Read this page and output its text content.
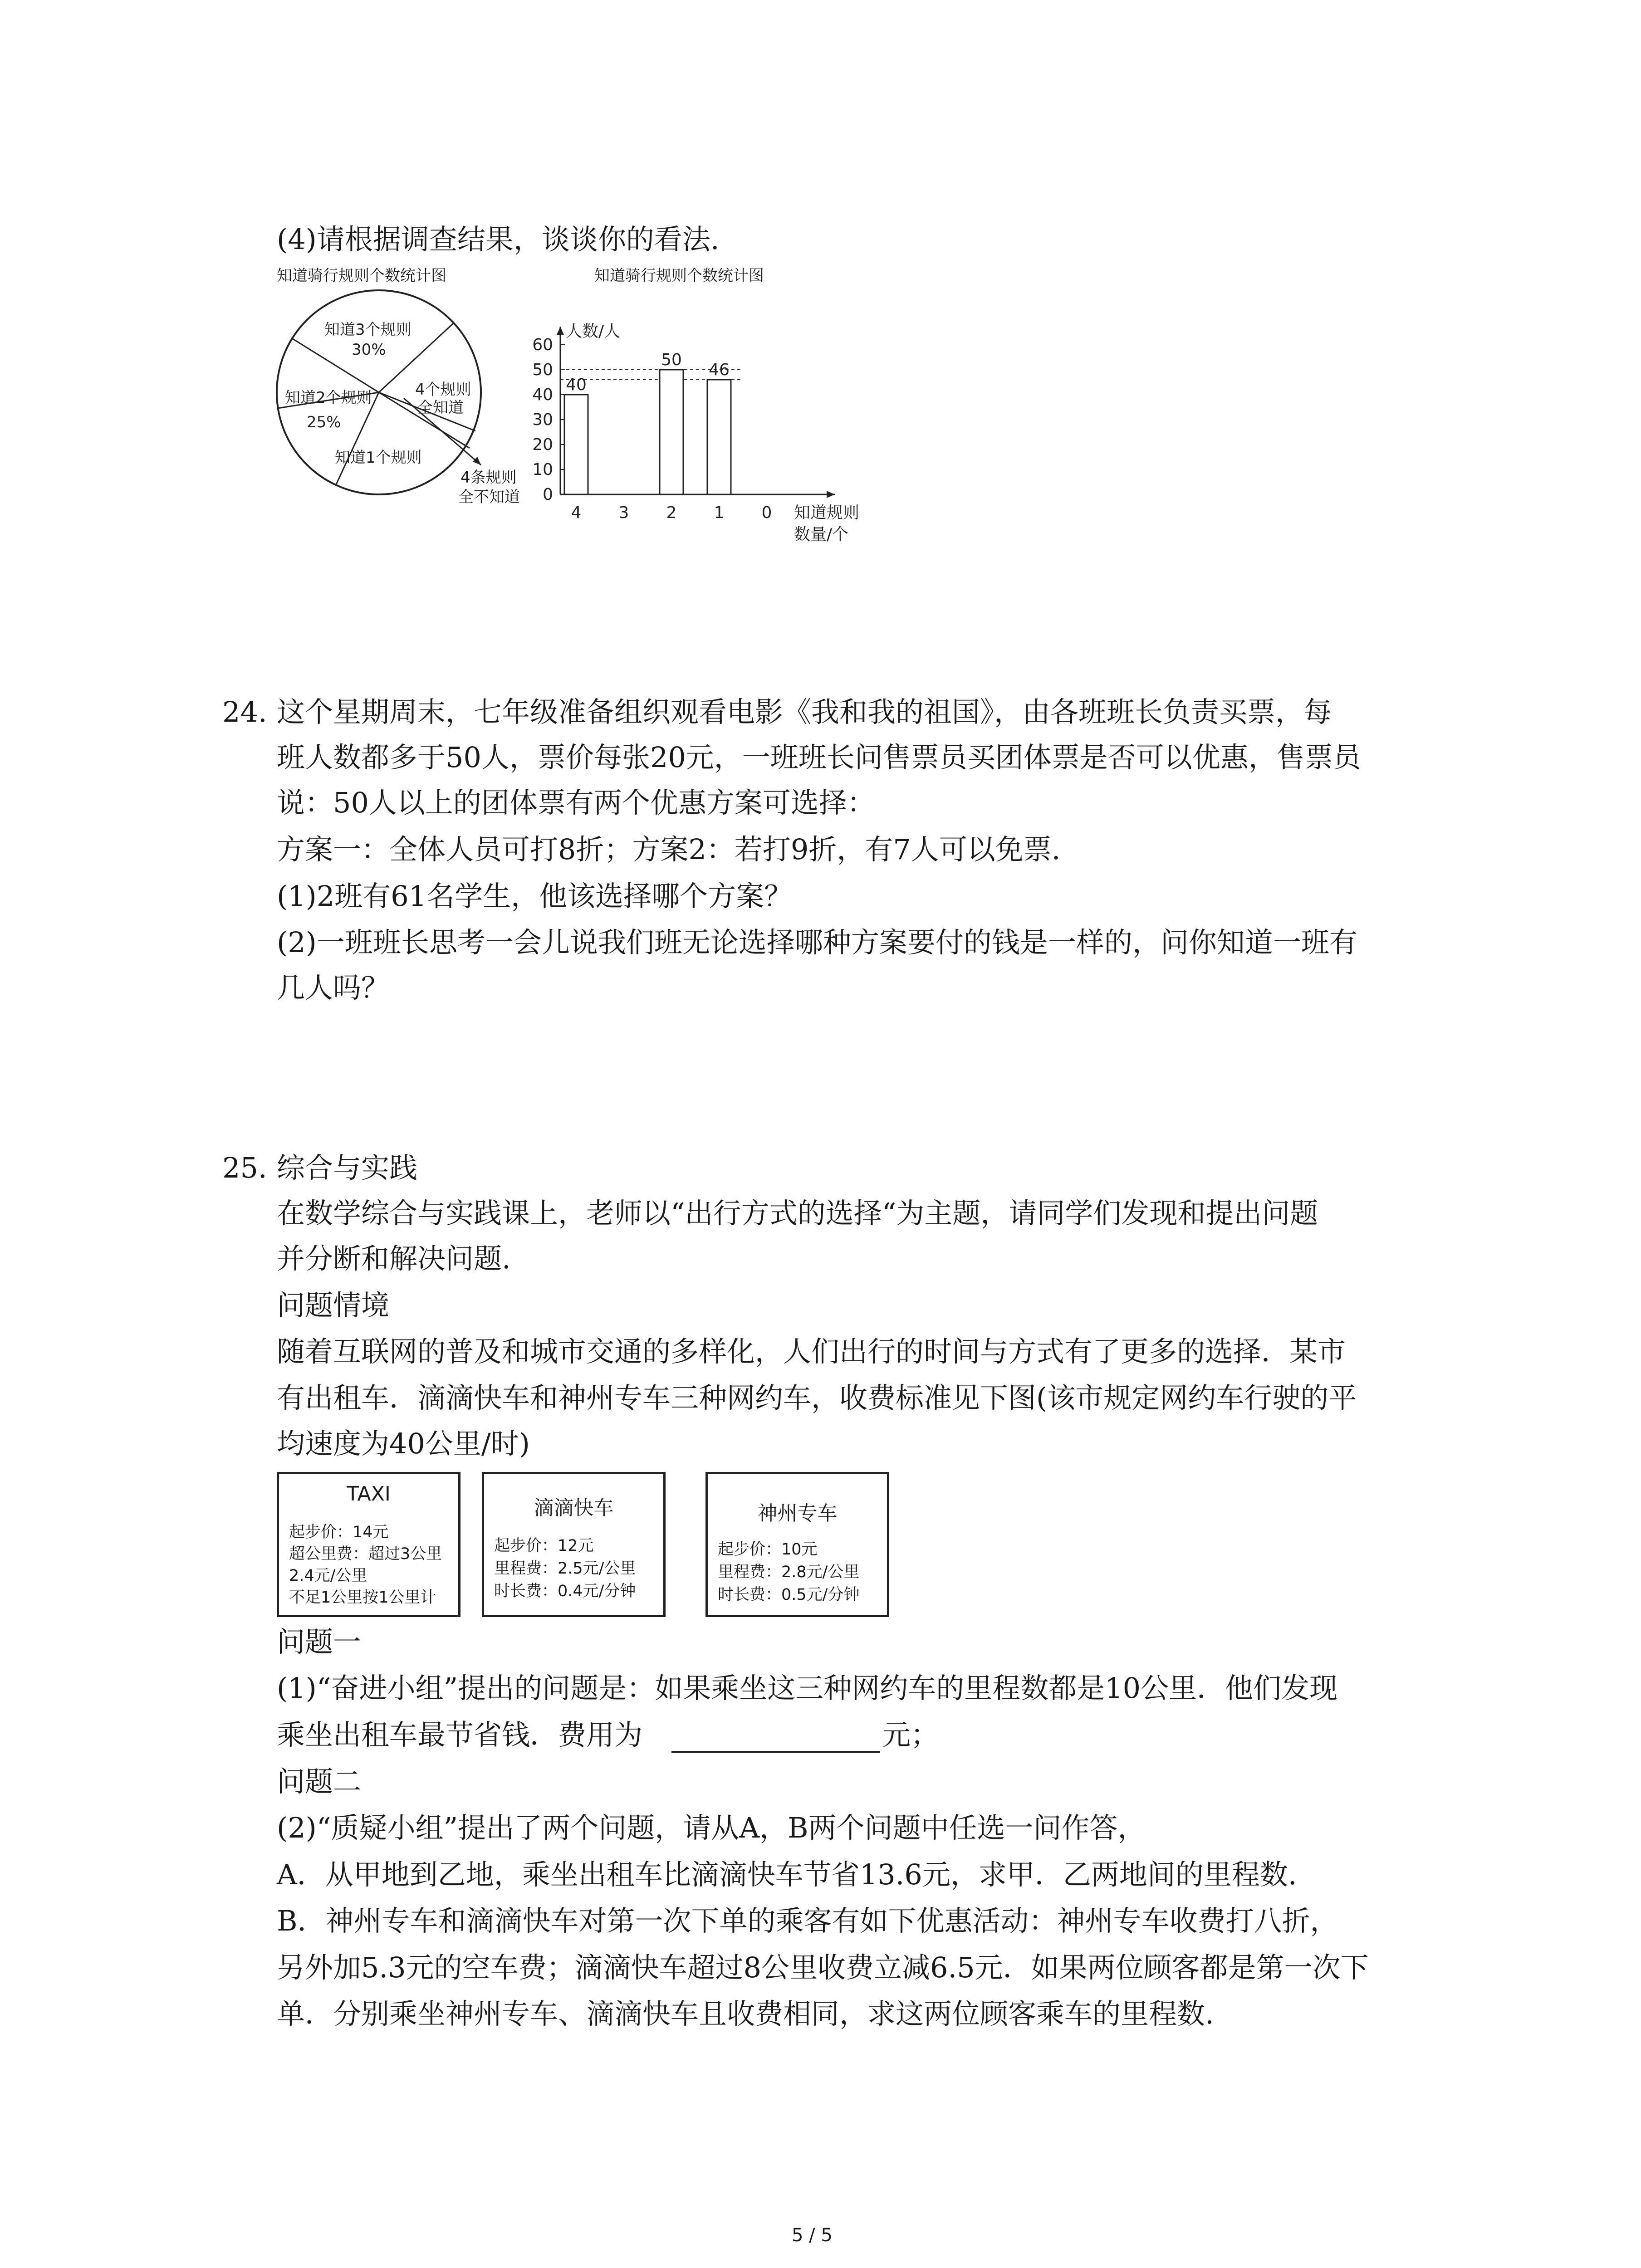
(4)请根据调查结果，谈谈你的看法.
知道骑行规则个数统计图	知道骑行规则个数统计图
知道3个规则
30%
知道2个规则
25%
知道1个规则
4个规则
全知道
4条规则
全不知道
人数/人
0
10
20
30
40
50
60
40
4 3
50
2
46
1 0 知道规则
数量/个
24. 这个星期周末，七年级准备组织观看电影《我和我的祖国》，由各班班长负责买票，每
班人数都多于50人，票价每张20元，一班班长问售票员买团体票是否可以优惠，售票员
说：50人以上的团体票有两个优惠方案可选择：
方案一：全体人员可打8折；方案2：若打9折，有7人可以免票.
(1)2班有61名学生，他该选择哪个方案？
(2)一班班长思考一会儿说我们班无论选择哪种方案要付的钱是一样的，问你知道一班有
几人吗？
25. 综合与实践
在数学综合与实践课上，老师以“出行方式的选择“为主题，请同学们发现和提出问题
并分断和解决问题.
问题情境
随着互联网的普及和城市交通的多样化，人们出行的时间与方式有了更多的选择．某市
有出租车．滴滴快车和神州专车三种网约车，收费标准见下图(该市规定网约车行驶的平
均速度为40公里/时)
TAXI
起步价：14元
超公里费：超过3公里
2.4元/公里
不足1公里按1公里计
滴滴快车
起步价：12元
里程费：2.5元/公里
时长费：0.4元/分钟
神州专车
起步价：10元
里程费：2.8元/公里
时长费：0.5元/分钟
问题一
(1)“奋进小组”提出的问题是：如果乘坐这三种网约车的里程数都是10公里．他们发现
乘坐出租车最节省钱．费用为	元；
问题二
(2)“质疑小组”提出了两个问题，请从A，B两个问题中任选一问作答，
A．从甲地到乙地，乘坐出租车比滴滴快车节省13.6元，求甲．乙两地间的里程数.
B．神州专车和滴滴快车对第一次下单的乘客有如下优惠活动：神州专车收费打八折，
另外加5.3元的空车费；滴滴快车超过8公里收费立减6.5元．如果两位顾客都是第一次下
单．分别乘坐神州专车、滴滴快车且收费相同，求这两位顾客乘车的里程数.
5 / 5
